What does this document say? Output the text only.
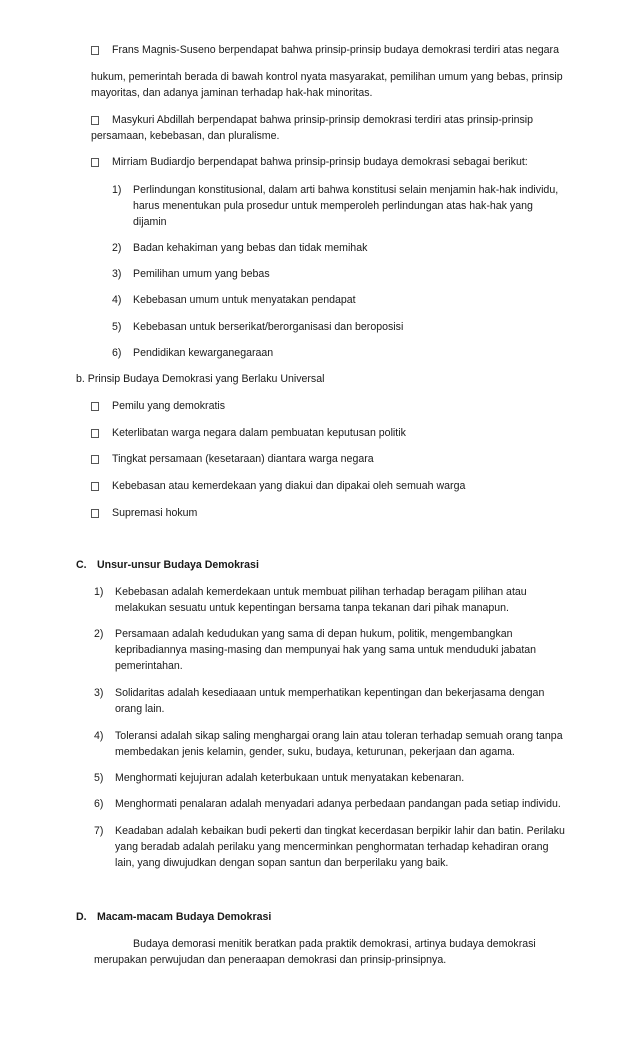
Frans Magnis-Suseno berpendapat bahwa prinsip-prinsip budaya demokrasi terdiri atas negara
hukum, pemerintah berada di bawah kontrol nyata masyarakat, pemilihan umum yang bebas, prinsip
mayoritas, dan adanya jaminan terhadap hak-hak minoritas.
Masykuri Abdillah berpendapat bahwa prinsip-prinsip demokrasi terdiri atas prinsip-prinsip
persamaan, kebebasan, dan pluralisme.
Mirriam Budiardjo berpendapat bahwa prinsip-prinsip budaya demokrasi sebagai berikut:
1) Perlindungan konstitusional, dalam arti bahwa konstitusi selain menjamin hak-hak individu,
harus menentukan pula prosedur untuk memperoleh perlindungan atas hak-hak yang
dijamin
2) Badan kehakiman yang bebas dan tidak memihak
3) Pemilihan umum yang bebas
4) Kebebasan umum untuk menyatakan pendapat
5) Kebebasan untuk berserikat/berorganisasi dan beroposisi
6) Pendidikan kewarganegaraan
b. Prinsip Budaya Demokrasi yang Berlaku Universal
Pemilu yang demokratis
Keterlibatan warga negara dalam pembuatan keputusan politik
Tingkat persamaan (kesetaraan) diantara warga negara
Kebebasan atau kemerdekaan yang diakui dan dipakai oleh semuah warga
Supremasi hokum
C. Unsur-unsur Budaya Demokrasi
1) Kebebasan adalah kemerdekaan untuk membuat pilihan terhadap beragam pilihan atau
melakukan sesuatu untuk kepentingan bersama tanpa tekanan dari pihak manapun.
2) Persamaan adalah kedudukan yang sama di depan hukum, politik, mengembangkan
kepribadiannya masing-masing dan mempunyai hak yang sama untuk menduduki jabatan
pemerintahan.
3) Solidaritas adalah kesediaaan untuk memperhatikan kepentingan dan bekerjasama dengan
orang lain.
4) Toleransi adalah sikap saling menghargai orang lain atau toleran terhadap semuah orang tanpa
membedakan jenis kelamin, gender, suku, budaya, keturunan, pekerjaan dan agama.
5) Menghormati kejujuran adalah keterbukaan untuk menyatakan kebenaran.
6) Menghormati penalaran adalah menyadari adanya perbedaan pandangan pada setiap individu.
7) Keadaban adalah kebaikan budi pekerti dan tingkat kecerdasan berpikir lahir dan batin. Perilaku
yang beradab adalah perilaku yang mencerminkan penghormatan terhadap kehadiran orang
lain, yang diwujudkan dengan sopan santun dan berperilaku yang baik.
D. Macam-macam Budaya Demokrasi
Budaya demorasi menitik beratkan pada praktik demokrasi, artinya budaya demokrasi
merupakan perwujudan dan peneraapan demokrasi dan prinsip-prinsipnya.
